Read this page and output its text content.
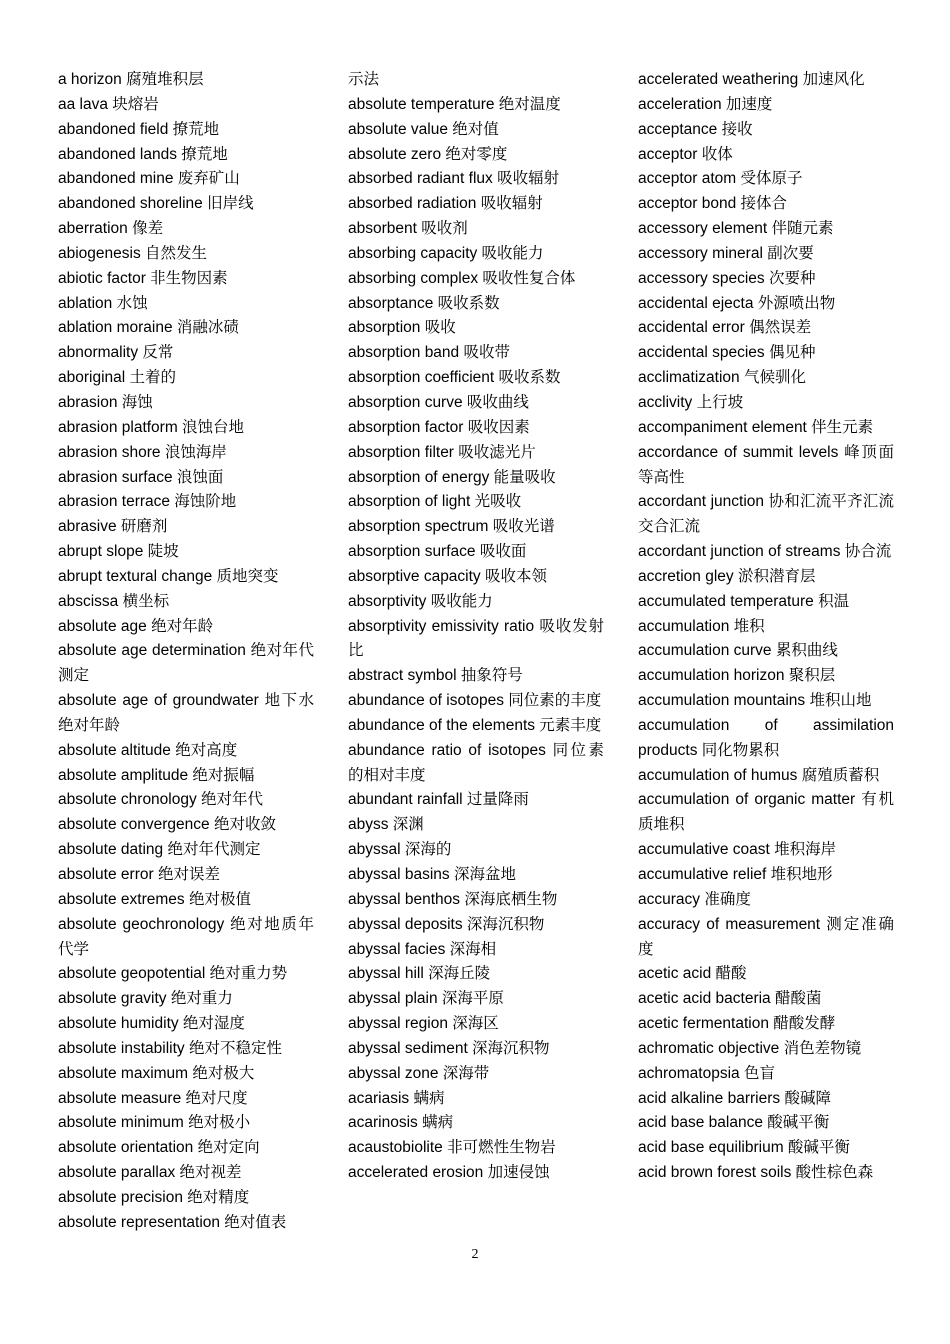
a horizon 腐殖堆积层

aa lava 块熔岩

abandoned field 撩荒地

abandoned lands 撩荒地

abandoned mine 废弃矿山

abandoned shoreline 旧岸线

aberration 像差

abiogenesis 自然发生

abiotic factor 非生物因素

ablation 水蚀

ablation moraine 消融冰碛

abnormality 反常

aboriginal 土着的

abrasion 海蚀

abrasion platform 浪蚀台地

abrasion shore 浪蚀海岸

abrasion surface 浪蚀面

abrasion terrace 海蚀阶地

abrasive 研磨剂

abrupt slope 陡坡

abrupt textural change 质地突变

abscissa 横坐标

absolute age 绝对年龄

absolute age determination 绝对年代测定

absolute age of groundwater 地下水绝对年龄

absolute altitude 绝对高度

absolute amplitude 绝对振幅

absolute chronology 绝对年代

absolute convergence 绝对收敛

absolute dating 绝对年代测定

absolute error 绝对误差

absolute extremes 绝对极值

absolute geochronology 绝对地质年代学

absolute geopotential 绝对重力势

absolute gravity 绝对重力

absolute humidity 绝对湿度

absolute instability 绝对不稳定性

absolute maximum 绝对极大

absolute measure 绝对尺度

absolute minimum 绝对极小

absolute orientation 绝对定向

absolute parallax 绝对视差

absolute precision 绝对精度

absolute representation 绝对值表

示法

absolute temperature 绝对温度

absolute value 绝对值

absolute zero 绝对零度

absorbed radiant flux 吸收辐射

absorbed radiation 吸收辐射

absorbent 吸收剂

absorbing capacity 吸收能力

absorbing complex 吸收性复合体

absorptance 吸收系数

absorption 吸收

absorption band 吸收带

absorption coefficient 吸收系数

absorption curve 吸收曲线

absorption factor 吸收因素

absorption filter 吸收滤光片

absorption of energy 能量吸收

absorption of light 光吸收

absorption spectrum 吸收光谱

absorption surface 吸收面

absorptive capacity 吸收本领

absorptivity 吸收能力

absorptivity emissivity ratio 吸收发射比

abstract symbol 抽象符号

abundance of isotopes 同位素的丰度

abundance of the elements 元素丰度

abundance ratio of isotopes 同位素的相对丰度

abundant rainfall 过量降雨

abyss 深渊

abyssal 深海的

abyssal basins 深海盆地

abyssal benthos 深海底栖生物

abyssal deposits 深海沉积物

abyssal facies 深海相

abyssal hill 深海丘陵

abyssal plain 深海平原

abyssal region 深海区

abyssal sediment 深海沉积物

abyssal zone 深海带

acariasis 螨病

acarinosis 螨病

acaustobiolite 非可燃性生物岩

accelerated erosion 加速侵蚀

accelerated weathering 加速风化

acceleration 加速度

acceptance 接收

acceptor 收体

acceptor atom 受体原子

acceptor bond 接体合

accessory element 伴随元素

accessory mineral 副次要

accessory species 次要种

accidental ejecta 外源喷出物

accidental error 偶然误差

accidental species 偶见种

acclimatization 气候驯化

acclivity 上行坡

accompaniment element 伴生元素

accordance of summit levels 峰顶面等高性

accordant junction 协和汇流平齐汇流交合汇流

accordant junction of streams 协合流

accretion gley 淤积潜育层

accumulated temperature 积温

accumulation 堆积

accumulation curve 累积曲线

accumulation horizon 聚积层

accumulation mountains 堆积山地

accumulation of assimilation products 同化物累积

accumulation of humus 腐殖质蓄积

accumulation of organic matter 有机质堆积

accumulative coast 堆积海岸

accumulative relief 堆积地形

accuracy 准确度

accuracy of measurement 测定准确度

acetic acid 醋酸

acetic acid bacteria 醋酸菌

acetic fermentation 醋酸发酵

achromatic objective 消色差物镜

achromatopsia 色盲

acid alkaline barriers 酸碱障

acid base balance 酸碱平衡

acid base equilibrium 酸碱平衡

acid brown forest soils 酸性棕色森

2
